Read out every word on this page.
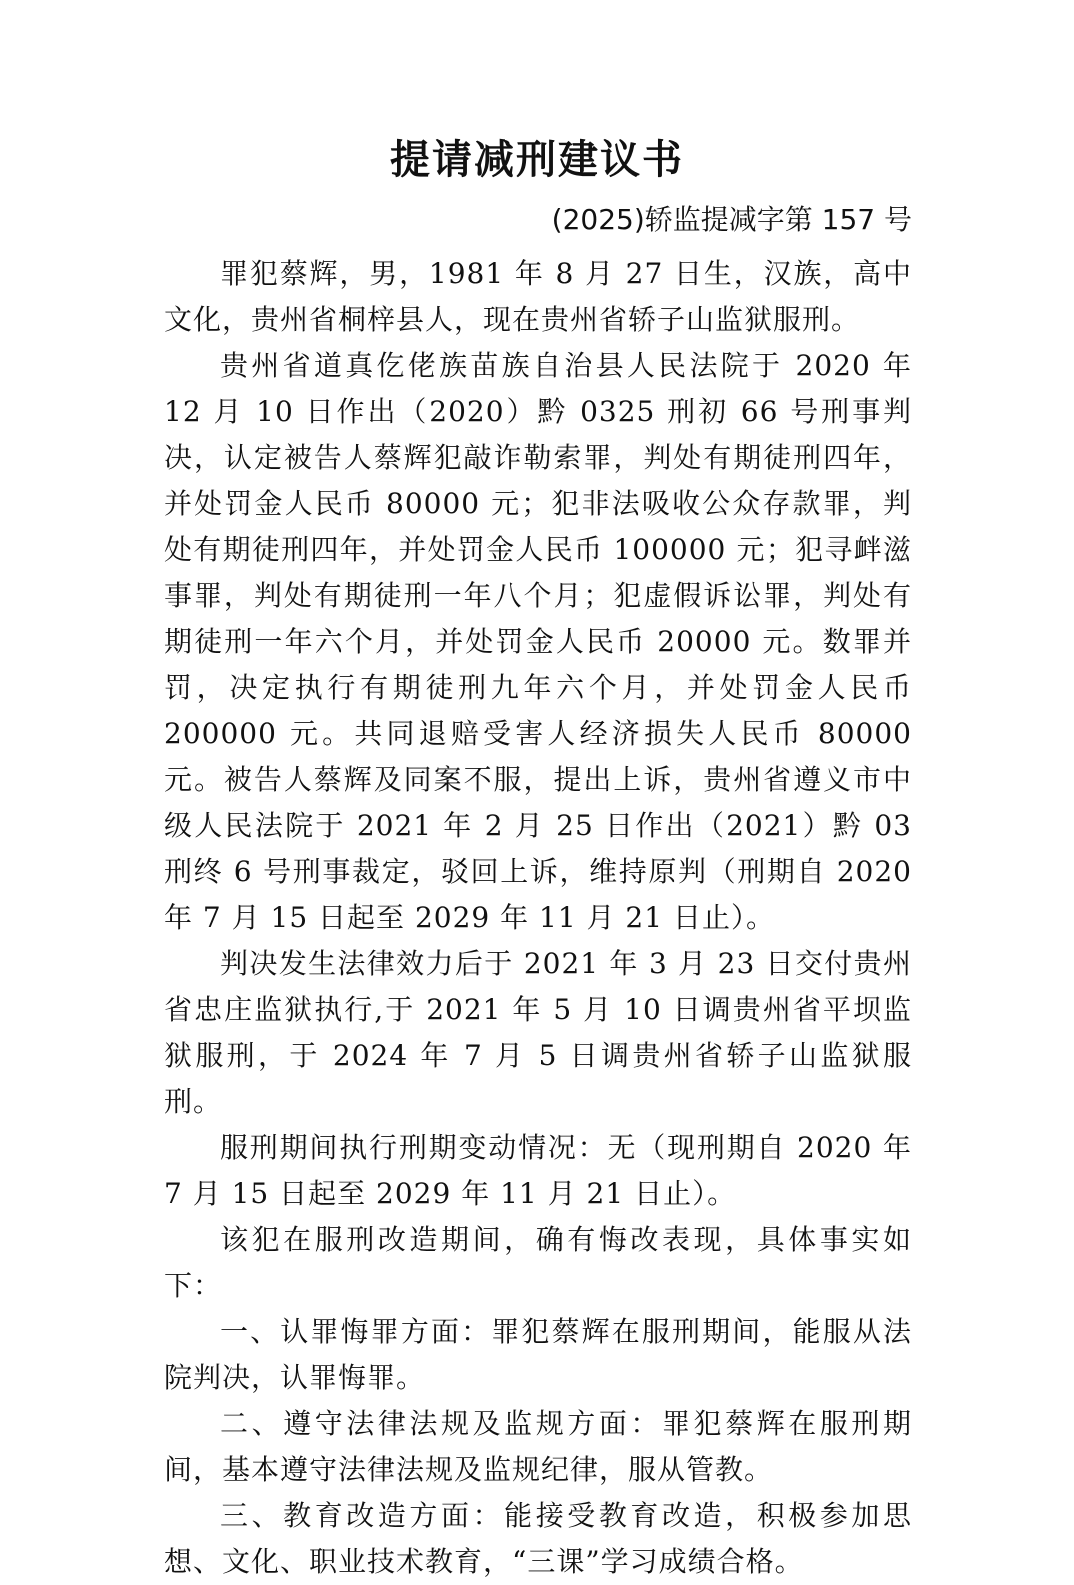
提请减刑建议书
(2025)轿监提减字第 157 号

罪犯蔡辉，男，1981 年 8 月 27 日生，汉族，高中文化，贵州省桐梓县人，现在贵州省轿子山监狱服刑。

贵州省道真仡佬族苗族自治县人民法院于 2020 年 12 月 10 日作出（2020）黔 0325 刑初 66 号刑事判决，认定被告人蔡辉犯敲诈勒索罪，判处有期徒刑四年，并处罚金人民币 80000 元；犯非法吸收公众存款罪，判处有期徒刑四年，并处罚金人民币 100000 元；犯寻衅滋事罪，判处有期徒刑一年八个月；犯虚假诉讼罪，判处有期徒刑一年六个月，并处罚金人民币 20000 元。数罪并罚，决定执行有期徒刑九年六个月，并处罚金人民币 200000 元。共同退赔受害人经济损失人民币 80000 元。被告人蔡辉及同案不服，提出上诉，贵州省遵义市中级人民法院于 2021 年 2 月 25 日作出（2021）黔 03 刑终 6 号刑事裁定，驳回上诉，维持原判（刑期自 2020 年 7 月 15 日起至 2029 年 11 月 21 日止）。

判决发生法律效力后于 2021 年 3 月 23 日交付贵州省忠庄监狱执行,于 2021 年 5 月 10 日调贵州省平坝监狱服刑，于 2024 年 7 月 5 日调贵州省轿子山监狱服刑。

服刑期间执行刑期变动情况：无（现刑期自 2020 年 7 月 15 日起至 2029 年 11 月 21 日止）。

该犯在服刑改造期间，确有悔改表现，具体事实如下：

一、认罪悔罪方面：罪犯蔡辉在服刑期间，能服从法院判决，认罪悔罪。

二、遵守法律法规及监规方面：罪犯蔡辉在服刑期间，基本遵守法律法规及监规纪律，服从管教。

三、教育改造方面：能接受教育改造，积极参加思想、文化、职业技术教育，“三课”学习成绩合格。
